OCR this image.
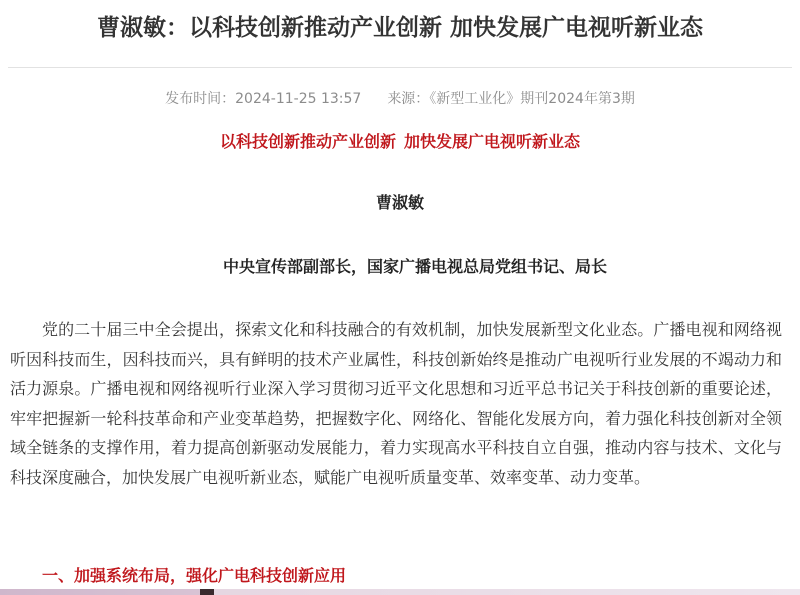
曹淑敏：以科技创新推动产业创新 加快发展广电视听新业态
发布时间：2024-11-25 13:57 来源：《新型工业化》期刊2024年第3期
以科技创新推动产业创新 加快发展广电视听新业态
曹淑敏
中央宣传部副部长，国家广播电视总局党组书记、局长

党的二十届三中全会提出，探索文化和科技融合的有效机制，加快发展新型文化业态。广播电视和网络视听因科技而生，因科技而兴，具有鲜明的技术产业属性，科技创新始终是推动广电视听行业发展的不竭动力和活力源泉。广播电视和网络视听行业深入学习贯彻习近平文化思想和习近平总书记关于科技创新的重要论述，牢牢把握新一轮科技革命和产业变革趋势，把握数字化、网络化、智能化发展方向，着力强化科技创新对全领域全链条的支撑作用，着力提高创新驱动发展能力，着力实现高水平科技自立自强，推动内容与技术、文化与科技深度融合，加快发展广电视听新业态，赋能广电视听质量变革、效率变革、动力变革。

一、加强系统布局，强化广电科技创新应用
